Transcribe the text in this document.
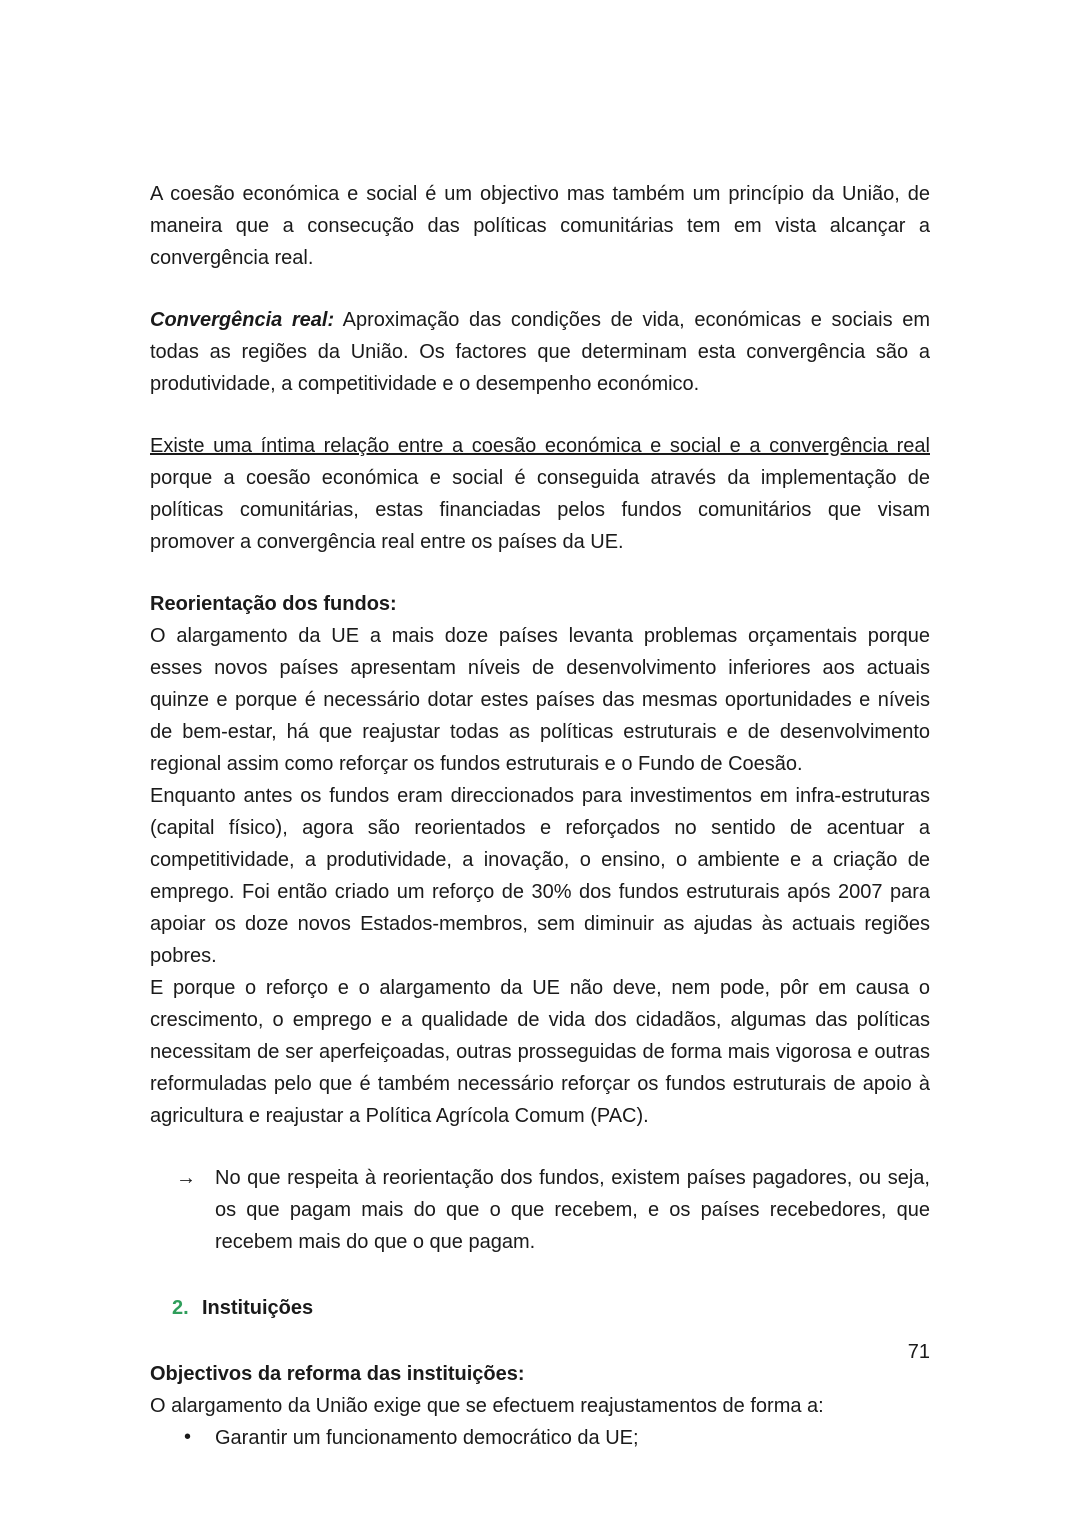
A coesão económica e social é um objectivo mas também um princípio da União, de maneira que a consecução das políticas comunitárias tem em vista alcançar a convergência real.

Convergência real: Aproximação das condições de vida, económicas e sociais em todas as regiões da União. Os factores que determinam esta convergência são a produtividade, a competitividade e o desempenho económico.

Existe uma íntima relação entre a coesão económica e social e a convergência real porque a coesão económica e social é conseguida através da implementação de políticas comunitárias, estas financiadas pelos fundos comunitários que visam promover a convergência real entre os países da UE.

Reorientação dos fundos:

O alargamento da UE a mais doze países levanta problemas orçamentais porque esses novos países apresentam níveis de desenvolvimento inferiores aos actuais quinze e porque é necessário dotar estes países das mesmas oportunidades e níveis de bem-estar, há que reajustar todas as políticas estruturais e de desenvolvimento regional assim como reforçar os fundos estruturais e o Fundo de Coesão.

Enquanto antes os fundos eram direccionados para investimentos em infra-estruturas (capital físico), agora são reorientados e reforçados no sentido de acentuar a competitividade, a produtividade, a inovação, o ensino, o ambiente e a criação de emprego. Foi então criado um reforço de 30% dos fundos estruturais após 2007 para apoiar os doze novos Estados-membros, sem diminuir as ajudas às actuais regiões pobres.

E porque o reforço e o alargamento da UE não deve, nem pode, pôr em causa o crescimento, o emprego e a qualidade de vida dos cidadãos, algumas das políticas necessitam de ser aperfeiçoadas, outras prosseguidas de forma mais vigorosa e outras reformuladas pelo que é também necessário reforçar os fundos estruturais de apoio à agricultura e reajustar a Política Agrícola Comum (PAC).

→ No que respeita à reorientação dos fundos, existem países pagadores, ou seja, os que pagam mais do que o que recebem, e os países recebedores, que recebem mais do que o que pagam.

2. Instituições

Objectivos da reforma das instituições:

O alargamento da União exige que se efectuem reajustamentos de forma a:

• Garantir um funcionamento democrático da UE;

71
